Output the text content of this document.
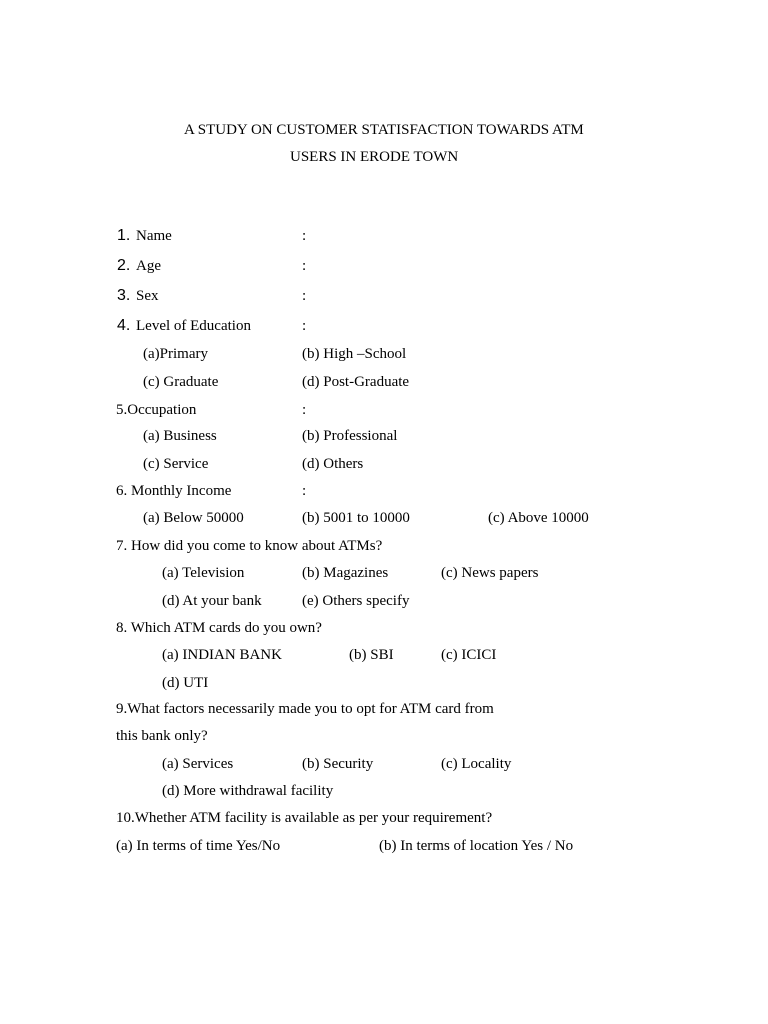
A STUDY ON CUSTOMER STATISFACTION TOWARDS ATM
USERS IN ERODE TOWN
1. Name	:
2. Age	:
3. Sex	:
4. Level of Education	:
(a)Primary	(b) High –School
(c) Graduate	(d) Post-Graduate
5.Occupation	:
(a) Business	(b) Professional
(c) Service	(d) Others
6. Monthly Income	:
(a) Below 50000	(b) 5001 to 10000	(c) Above 10000
7. How did you come to know about ATMs?
(a) Television	(b) Magazines	(c) News papers
(d) At your bank	(e) Others specify
8. Which ATM cards do you own?
(a) INDIAN BANK	(b) SBI	(c) ICICI
(d) UTI
9.What factors necessarily made you to opt for ATM card from
this bank only?
(a) Services	(b) Security	(c) Locality
(d) More withdrawal facility
10.Whether ATM facility is available as per your requirement?
(a) In terms of time Yes/No	(b) In terms of location Yes / No
